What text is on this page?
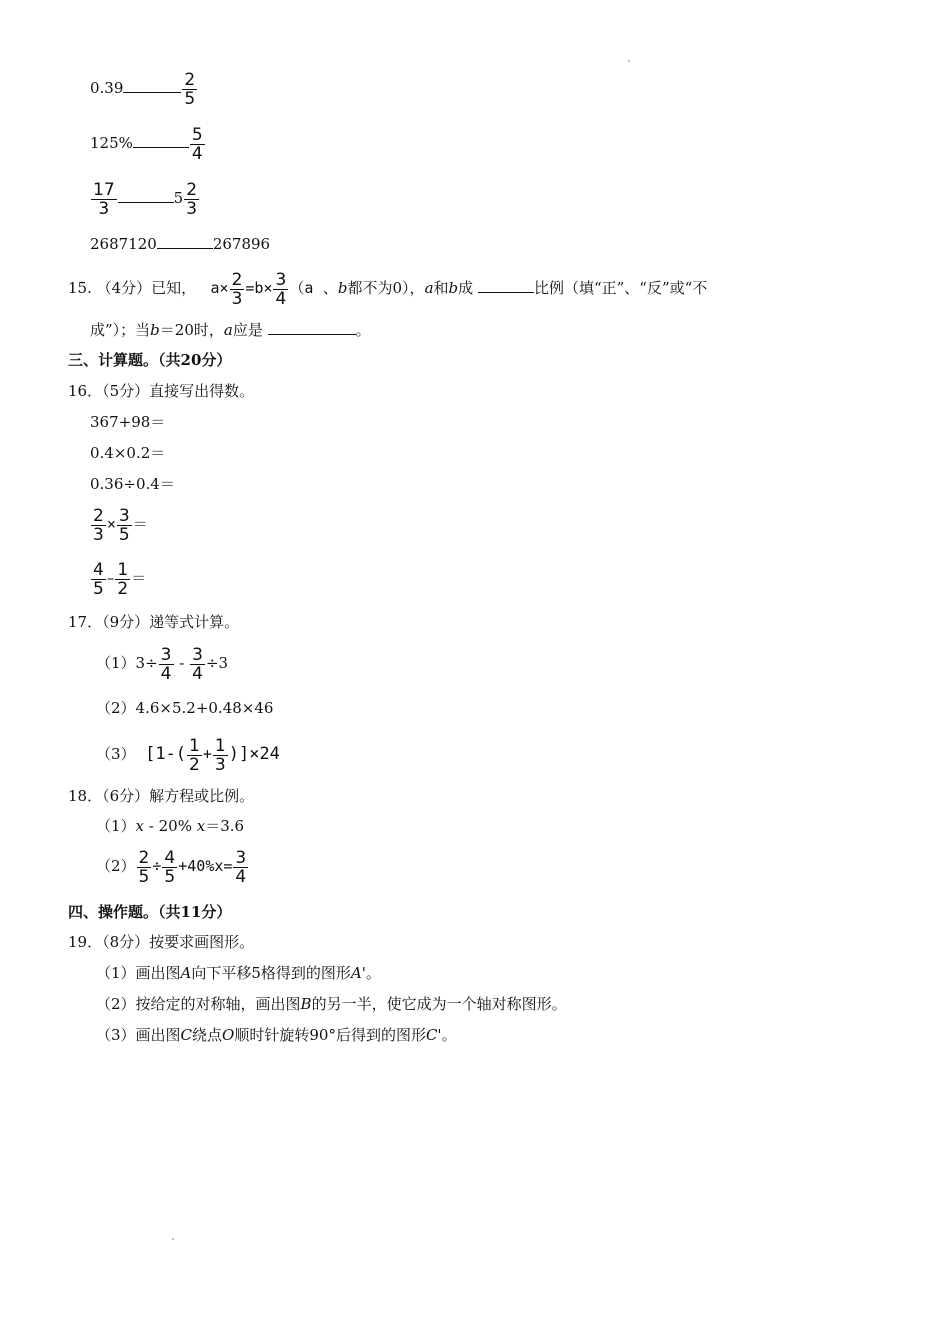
0.39	$\frac{2}{5}$
125%	$\frac{5}{4}$
$\frac{17}{3}$	$5 \frac{2}{3}$
2687120	267896
15. （4分）已知， $a\times \frac{2}{3} =b\times \frac{3}{4} (a$ 、b都不为0），a和b成	比例（填“正”、“反”或“不
成”）；当b＝20时，a应是	。
三、计算题。（共20分）
16．（5分）直接写出得数。
367+98＝
0.4×0.2＝
0.36÷0.4＝
$\frac{2}{3} \times \frac{3}{5}$ ＝
$\frac{4}{5} - \frac{1}{2}$ ＝
17．（9分）递等式计算。
$(1)3\div \frac{3}{4} - \frac{3}{4} \div 3$
（2）4.6×5.2+0.48×46
（3） $[1-( \frac{1}{2} + \frac{1}{3} )]\times 24$
18．（6分）解方程或比例。
（1）x - 20% x＝3.6
$(2) \frac{2}{5} \div \frac{4}{5} +40\%x= \frac{3}{4}$
四、操作题。（共11分）
19．（8分）按要求画图形。
（1）画出图A向下平移5格得到的图形A'。
（2）按给定的对称轴，画出图B的另一半，使它成为一个轴对称图形。
（3）画出图C绕点O顺时针旋转90°后得到的图形C'。
